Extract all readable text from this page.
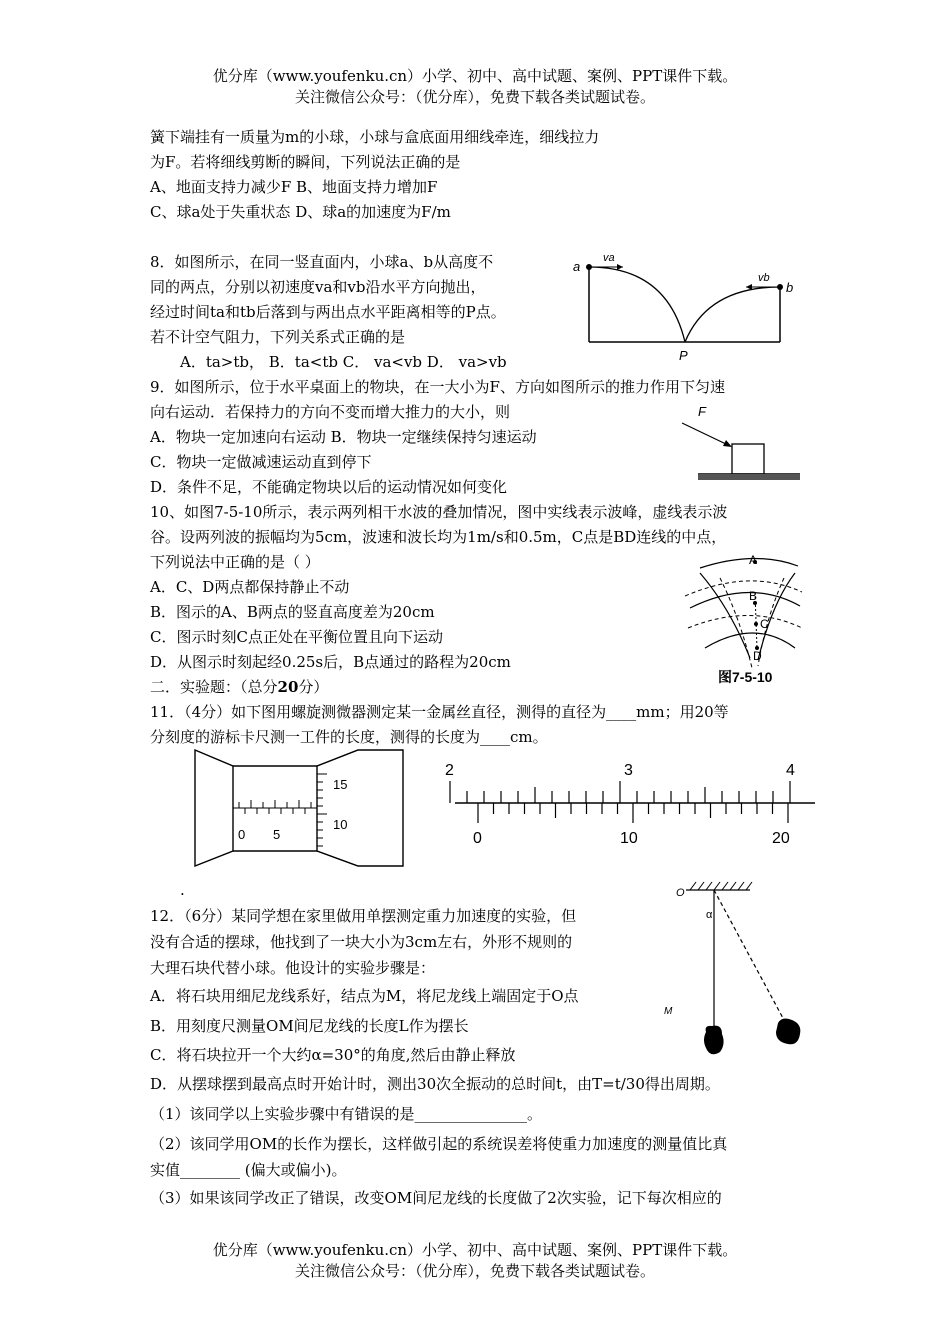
优分库（www.youfenku.cn）小学、初中、高中试题、案例、PPT课件下载。
关注微信公众号：（优分库），免费下载各类试题试卷。
簧下端挂有一质量为m的小球，小球与盒底面用细线牵连，细线拉力
为F。若将细线剪断的瞬间，下列说法正确的是
A、地面支持力减少F B、地面支持力增加F
C、球a处于失重状态 D、球a的加速度为F/m
8．如图所示，在同一竖直面内，小球a、b从高度不
同的两点，分别以初速度va和vb沿水平方向抛出，
经过时间ta和tb后落到与两出点水平距离相等的P点。
若不计空气阻力，下列关系式正确的是
A．ta>tb， B．ta<tb C． va<vb D． va>vb
a
b
va
vb
P
9．如图所示，位于水平桌面上的物块，在一大小为F、方向如图所示的推力作用下匀速
向右运动．若保持力的方向不变而增大推力的大小，则
A．物块一定加速向右运动 B．物块一定继续保持匀速运动
C．物块一定做减速运动直到停下
D．条件不足，不能确定物块以后的运动情况如何变化
F
10、如图7-5-10所示，表示两列相干水波的叠加情况，图中实线表示波峰，虚线表示波
谷。设两列波的振幅均为5cm，波速和波长均为1m/s和0.5m，C点是BD连线的中点，
下列说法中正确的是（ ）
A．C、D两点都保持静止不动
B．图示的A、B两点的竖直高度差为20cm
C．图示时刻C点正处在平衡位置且向下运动
D．从图示时刻起经0.25s后，B点通过的路程为20cm
A
B
C
D
图7-5-10
二．实验题：（总分20分）
11．（4分）如下图用螺旋测微器测定某一金属丝直径，测得的直径为____mm；用20等
分刻度的游标卡尺测一工件的长度，测得的长度为____cm。
15
10
0 5
.
2	3	4
0	10	20
12．（6分）某同学想在家里做用单摆测定重力加速度的实验，但
没有合适的摆球，他找到了一块大小为3cm左右，外形不规则的
大理石块代替小球。他设计的实验步骤是：
A．将石块用细尼龙线系好，结点为M，将尼龙线上端固定于O点
B．用刻度尺测量OM间尼龙线的长度L作为摆长
C．将石块拉开一个大约α=30°的角度,然后由静止释放
D．从摆球摆到最高点时开始计时，测出30次全振动的总时间t，由T=t/30得出周期。
（1）该同学以上实验步骤中有错误的是_______________。
（2）该同学用OM的长作为摆长，这样做引起的系统误差将使重力加速度的测量值比真
实值________ (偏大或偏小)。
（3）如果该同学改正了错误，改变OM间尼龙线的长度做了2次实验，记下每次相应的
O
α
M
优分库（www.youfenku.cn）小学、初中、高中试题、案例、PPT课件下载。
关注微信公众号：（优分库），免费下载各类试题试卷。
